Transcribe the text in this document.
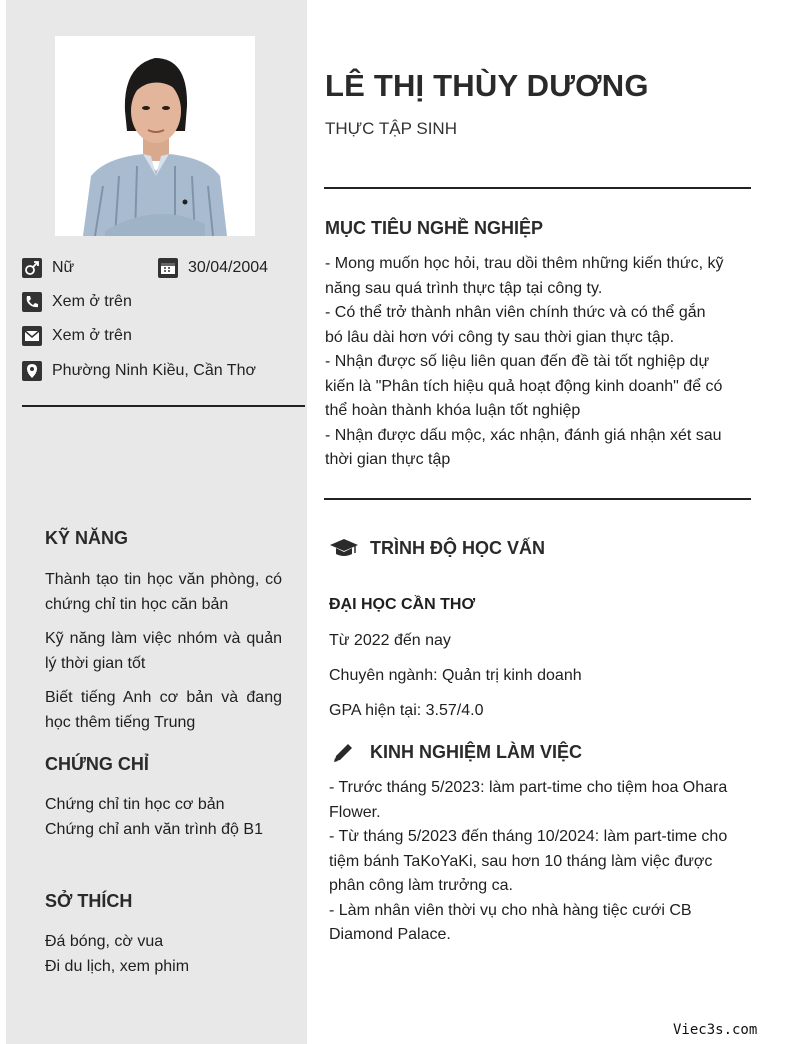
Nữ	30/04/2004
Xem ở trên
Xem ở trên
Phường Ninh Kiều, Cần Thơ
KỸ NĂNG
Thành tạo tin học văn phòng, có chứng chỉ tin học căn bản
Kỹ năng làm việc nhóm và quản lý thời gian tốt
Biết tiếng Anh cơ bản và đang học thêm tiếng Trung
CHỨNG CHỈ
Chứng chỉ tin học cơ bản
Chứng chỉ anh văn trình độ B1
SỞ THÍCH
Đá bóng, cờ vua
Đi du lịch, xem phim
LÊ THỊ THÙY DƯƠNG
THỰC TẬP SINH
MỤC TIÊU NGHỀ NGHIỆP
- Mong muốn học hỏi, trau dồi thêm những kiến thức, kỹ
năng sau quá trình thực tập tại công ty.
- Có thể trở thành nhân viên chính thức và có thể gắn
bó lâu dài hơn với công ty sau thời gian thực tập.
- Nhận được số liệu liên quan đến đề tài tốt nghiệp dự
kiến là "Phân tích hiệu quả hoạt động kinh doanh" để có
thể hoàn thành khóa luận tốt nghiệp
- Nhận được dấu mộc, xác nhận, đánh giá nhận xét sau
thời gian thực tập
TRÌNH ĐỘ HỌC VẤN
ĐẠI HỌC CẦN THƠ
Từ 2022 đến nay
Chuyên ngành: Quản trị kinh doanh
GPA hiện tại: 3.57/4.0
KINH NGHIỆM LÀM VIỆC
- Trước tháng 5/2023: làm part-time cho tiệm hoa Ohara
Flower.
- Từ tháng 5/2023 đến tháng 10/2024: làm part-time cho
tiệm bánh TaKoYaKi, sau hơn 10 tháng làm việc được
phân công làm trưởng ca.
- Làm nhân viên thời vụ cho nhà hàng tiệc cưới CB
Diamond Palace.
Viec3s.com
